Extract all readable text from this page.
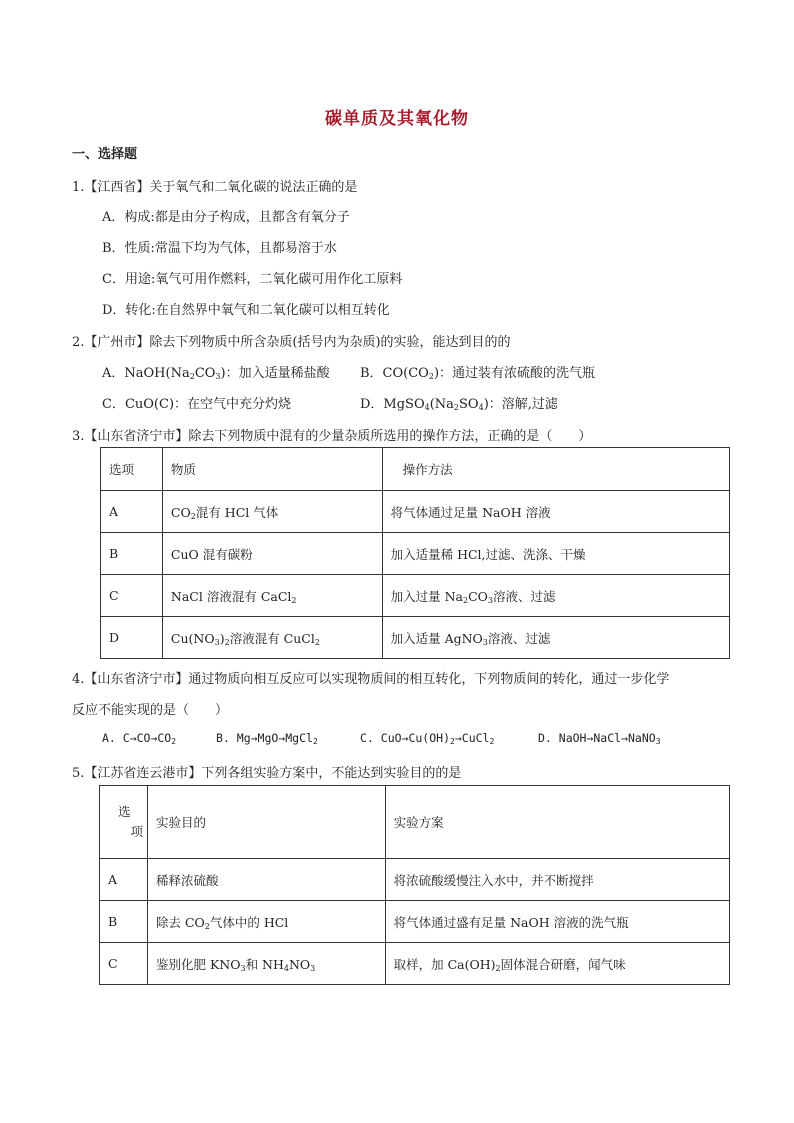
碳单质及其氧化物
一、选择题
1.【江西省】关于氧气和二氧化碳的说法正确的是
A．构成:都是由分子构成，且都含有氧分子
B．性质:常温下均为气体，且都易溶于水
C．用途:氧气可用作燃料，二氧化碳可用作化工原料
D．转化:在自然界中氧气和二氧化碳可以相互转化
2.【广州市】除去下列物质中所含杂质(括号内为杂质)的实验，能达到目的的
A．$NaOH(Na_2CO_3)$：加入适量稀盐酸 B．$CO(CO_2)$：通过装有浓硫酸的洗气瓶
C．CuO(C)：在空气中充分灼烧	D．$MgSO_4(Na_2SO_4)$：溶解,过滤
3.【山东省济宁市】除去下列物质中混有的少量杂质所选用的操作方法，正确的是（　　）
选项	物质	操作方法
A	$CO_2$混有 HCl 气体	将气体通过足量 NaOH 溶液
B	CuO 混有碳粉	加入适量稀 HCl,过滤、洗涤、干燥
C	NaCl 溶液混有 CaCl$_2$	加入过量 $Na_2CO_3$溶液、过滤
D	$Cu(NO_3)_2$溶液混有 CuCl$_2$	加入适量 AgNO$_3$溶液、过滤
4.【山东省济宁市】通过物质向相互反应可以实现物质间的相互转化，下列物质间的转化，通过一步化学
反应不能实现的是（　　）
A. $C\to CO\to CO_2$	B. Mg→MgO→MgCl$_2$	C. $CuO\to Cu(OH)_2\to CuCl_2$	D. NaOH→NaCl→NaNO$_3$
5.【江苏省连云港市】下列各组实验方案中，不能达到实验目的的是
选
项	实验目的	实验方案
A	稀释浓硫酸	将浓硫酸缓慢注入水中，并不断搅拌
B	除去 $CO_2$气体中的 HCl	将气体通过盛有足量 NaOH 溶液的洗气瓶
C	鉴别化肥 $KNO_3$和 $NH_4NO_3$	取样，加 $Ca(OH)_2$固体混合研磨，闻气味
